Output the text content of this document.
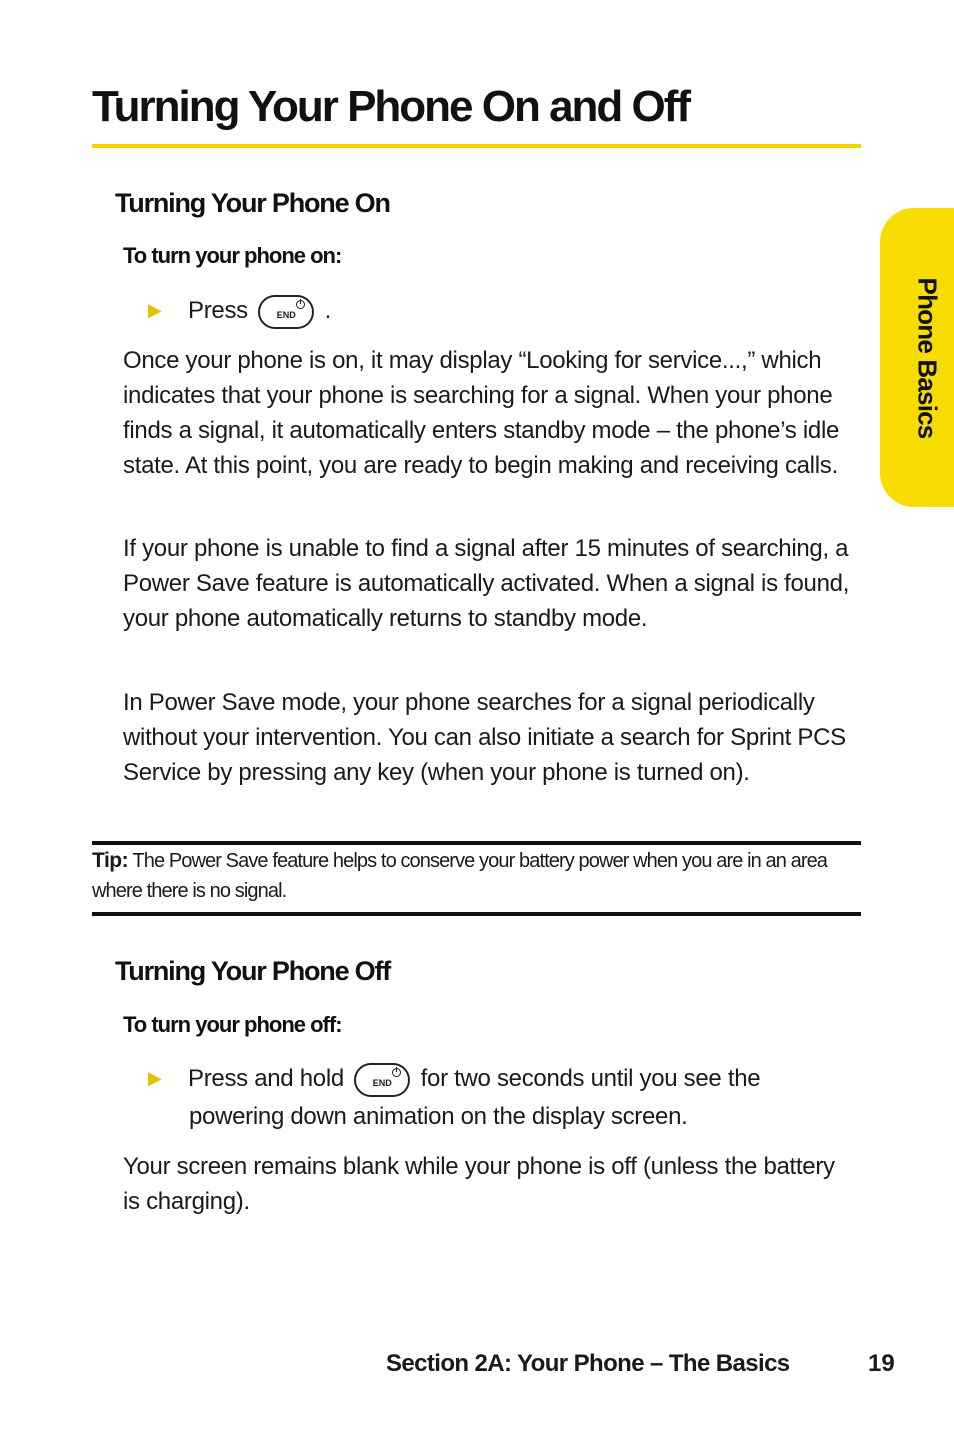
Turning Your Phone On and Off
Phone Basics
Turning Your Phone On
To turn your phone on:
▶ Press	END	.

Once your phone is on, it may display “Looking for service...,” which indicates that your phone is searching for a signal. When your phone finds a signal, it automatically enters standby mode – the phone’s idle state. At this point, you are ready to begin making and receiving calls.

If your phone is unable to find a signal after 15 minutes of searching, a Power Save feature is automatically activated. When a signal is found, your phone automatically returns to standby mode.

In Power Save mode, your phone searches for a signal periodically without your intervention. You can also initiate a search for Sprint PCS Service by pressing any key (when your phone is turned on).

Tip: The Power Save feature helps to conserve your battery power when you are in an area where there is no signal.

Turning Your Phone Off
To turn your phone off:
▶ Press and hold	END	for two seconds until you see the
powering down animation on the display screen.

Your screen remains blank while your phone is off (unless the battery is charging).

Section 2A: Your Phone – The Basics	19
